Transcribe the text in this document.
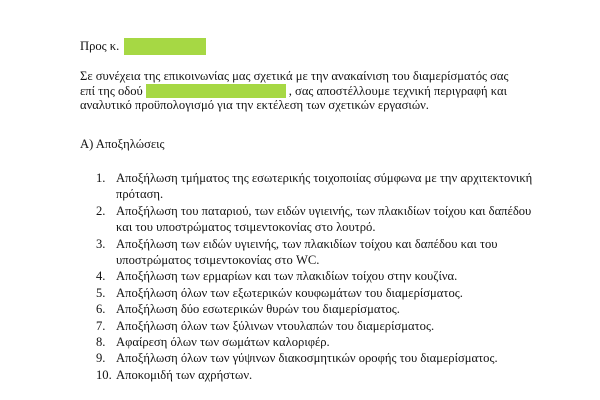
Προς κ.
Σε συνέχεια της επικοινωνίας μας σχετικά με την ανακαίνιση του διαμερίσματός σας
επί της οδού	, σας αποστέλλουμε τεχνική περιγραφή και
αναλυτικό προϋπολογισμό για την εκτέλεση των σχετικών εργασιών.
Α) Αποξηλώσεις
1. Αποξήλωση τμήματος της εσωτερικής τοιχοποιίας σύμφωνα με την αρχιτεκτονική πρόταση.
2. Αποξήλωση του παταριού, των ειδών υγιεινής, των πλακιδίων τοίχου και δαπέδου και του υποστρώματος τσιμεντοκονίας στο λουτρό.
3. Αποξήλωση των ειδών υγιεινής, των πλακιδίων τοίχου και δαπέδου και του υποστρώματος τσιμεντοκονίας στο WC.
4. Αποξήλωση των ερμαρίων και των πλακιδίων τοίχου στην κουζίνα.
5. Αποξήλωση όλων των εξωτερικών κουφωμάτων του διαμερίσματος.
6. Αποξήλωση δύο εσωτερικών θυρών του διαμερίσματος.
7. Αποξήλωση όλων των ξύλινων ντουλαπών του διαμερίσματος.
8. Αφαίρεση όλων των σωμάτων καλοριφέρ.
9. Αποξήλωση όλων των γύψινων διακοσμητικών οροφής του διαμερίσματος.
10. Αποκομιδή των αχρήστων.
